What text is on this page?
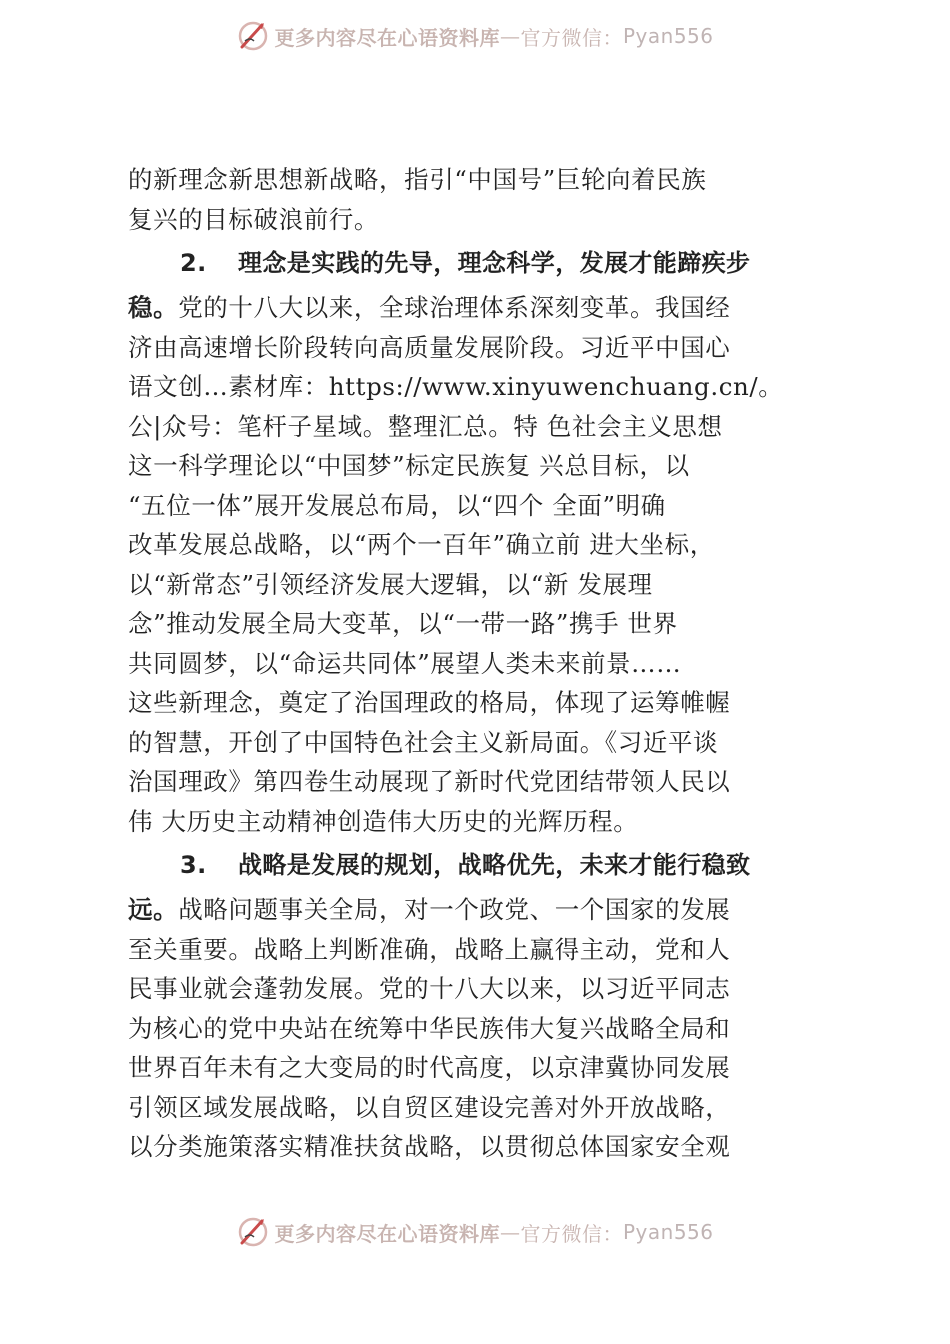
更多内容尽在心语资料库 — 官方微信： Pyan556
的新理念新思想新战略，指引“中国号”巨轮向着民族
复兴的目标破浪前行。
2. 理念是实践的先导，理念科学，发展才能蹄疾步
稳。党的十八大以来，全球治理体系深刻变革。我国经
济由高速增长阶段转向高质量发展阶段。习近平中国心
语文创…素材库：https://www.xinyuwenchuang.cn/。
公|众号：笔杆子星域。整理汇总。特 色社会主义思想
这一科学理论以“中国梦”标定民族复 兴总目标，以
“五位一体”展开发展总布局，以“四个 全面”明确
改革发展总战略，以“两个一百年”确立前 进大坐标，
以“新常态”引领经济发展大逻辑，以“新 发展理
念”推动发展全局大变革，以“一带一路”携手 世界
共同圆梦，以“命运共同体”展望人类未来前景……
这些新理念，奠定了治国理政的格局，体现了运筹帷幄
的智慧，开创了中国特色社会主义新局面。《习近平谈
治国理政》第四卷生动展现了新时代党团结带领人民以
伟 大历史主动精神创造伟大历史的光辉历程。
3. 战略是发展的规划，战略优先，未来才能行稳致
远。战略问题事关全局，对一个政党、一个国家的发展
至关重要。战略上判断准确，战略上赢得主动，党和人
民事业就会蓬勃发展。党的十八大以来，以习近平同志
为核心的党中央站在统筹中华民族伟大复兴战略全局和
世界百年未有之大变局的时代高度，以京津冀协同发展
引领区域发展战略，以自贸区建设完善对外开放战略，
以分类施策落实精准扶贫战略，以贯彻总体国家安全观
更多内容尽在心语资料库 — 官方微信： Pyan556
